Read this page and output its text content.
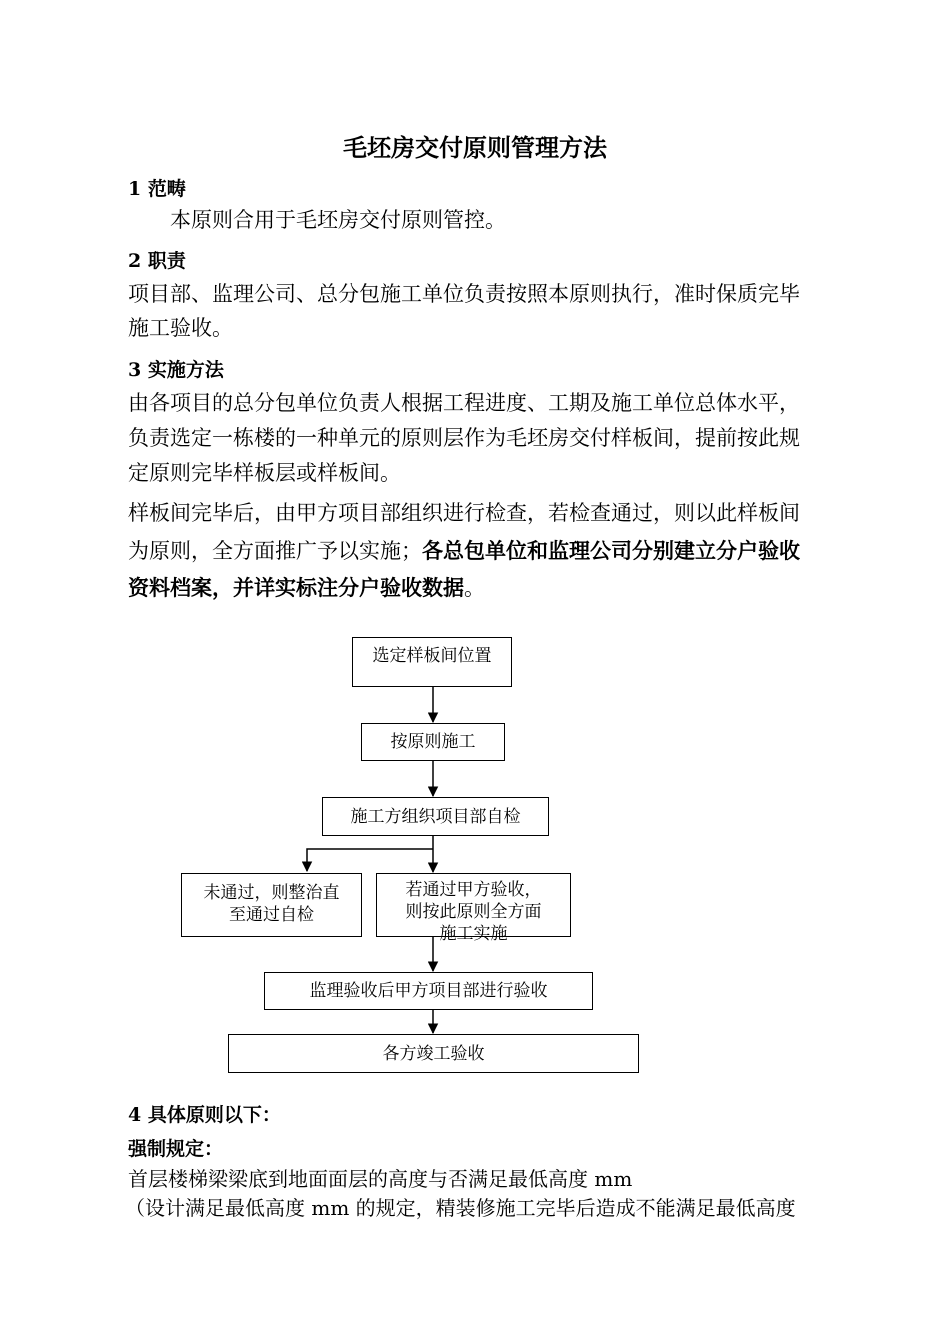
毛坯房交付原则管理方法
1 范畴
本原则合用于毛坯房交付原则管控。
2 职责
项目部、监理公司、总分包施工单位负责按照本原则执行，准时保质完毕
施工验收。
3 实施方法
由各项目的总分包单位负责人根据工程进度、工期及施工单位总体水平，
负责选定一栋楼的一种单元的原则层作为毛坯房交付样板间，提前按此规
定原则完毕样板层或样板间。
样板间完毕后，由甲方项目部组织进行检查，若检查通过，则以此样板间
为原则，全方面推广予以实施；各总包单位和监理公司分别建立分户验收
资料档案，并详实标注分户验收数据。
选定样板间位置
按原则施工
施工方组织项目部自检
未通过，则整治直
至通过自检
若通过甲方验收，
则按此原则全方面
施工实施
监理验收后甲方项目部进行验收
各方竣工验收
4 具体原则以下：
强制规定：
首层楼梯梁梁底到地面面层的高度与否满足最低高度 mm
（设计满足最低高度 mm 的规定，精装修施工完毕后造成不能满足最低高度
